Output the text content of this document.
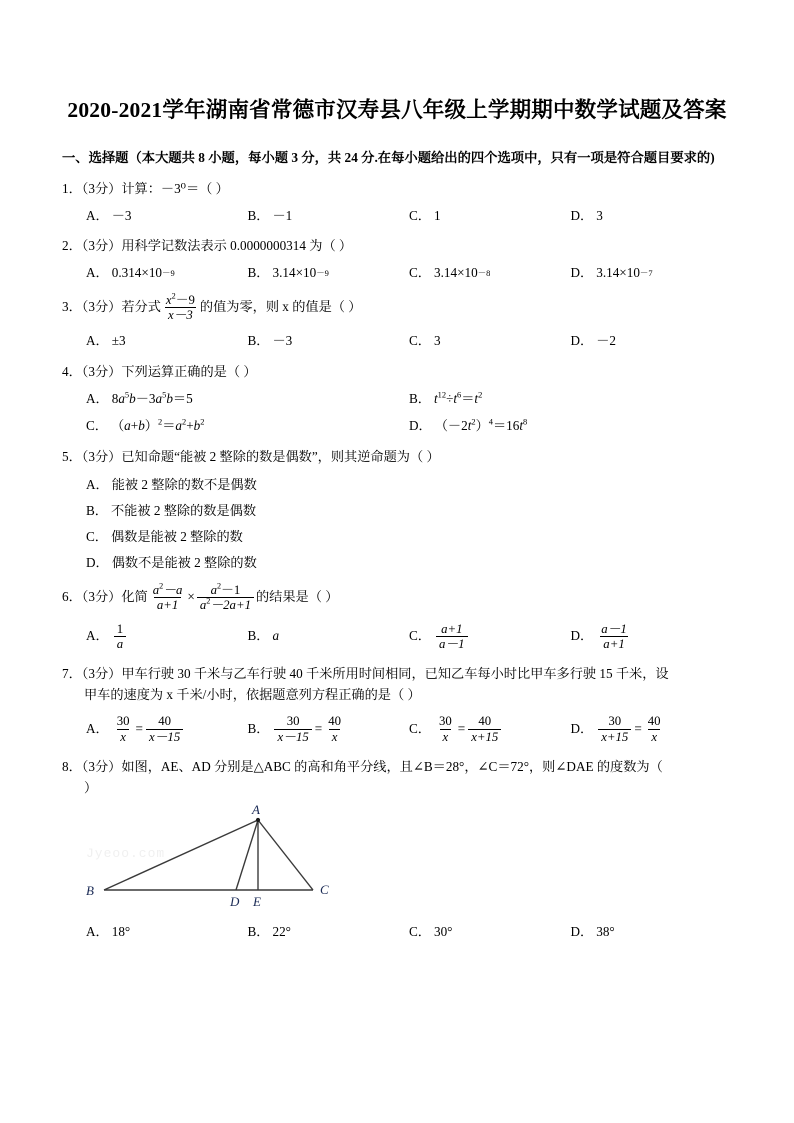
2020-2021学年湖南省常德市汉寿县八年级上学期期中数学试题及答案
一、选择题（本大题共 8 小题，每小题 3 分，共 24 分.在每小题给出的四个选项中，只有一项是符合题目要求的)
1．（3分）计算：－3⁰＝（ ）
A． －3	B． －1	C． 1	D． 3
2．（3分）用科学记数法表示 0.0000000314 为（ ）
A． 0.314×10 －9	B． 3.14×10 －9	C． 3.14×10 －8	D． 3.14×10 －7
3．（3分）若分式 $\frac{x^2-9}{x-3}$ 的值为零，则 x 的值是（ ）
A． ±3	B． －3	C． 3	D． －2
4．（3分）下列运算正确的是（ ）
A． $8a^5b-3a^5b=5$	B． $t^{12}\div t^6=t^2$
C． $(a+b)^2=a^2+b^2$	D． $(-2t^2)^4=16t^8$
5．（3分）已知命题“能被 2 整除的数是偶数”，则其逆命题为（ ）
A． 能被 2 整除的数不是偶数
B． 不能被 2 整除的数是偶数
C． 偶数是能被 2 整除的数
D． 偶数不是能被 2 整除的数
6．（3分）化简 $\frac{a^2-a}{a+1} \times \frac{a^2-1}{a^2-2a+1}$ 的结果是（ ）
A． $\frac{1}{a}$	B． a	C． $\frac{a+1}{a-1}$	D． $\frac{a-1}{a+1}$
7．（3分）甲车行驶 30 千米与乙车行驶 40 千米所用时间相同，已知乙车每小时比甲车多行驶 15 千米，设
甲车的速度为 x 千米/小时，依据题意列方程正确的是（ ）
A． $\frac{30}{x} = \frac{40}{x-15}$	B． $\frac{30}{x-15} = \frac{40}{x}$	C． $\frac{30}{x} = \frac{40}{x+15}$	D． $\frac{30}{x+15} = \frac{40}{x}$
8．（3分）如图，AE、AD 分别是△ABC 的高和角平分线，且∠B＝28°，∠C＝72°，则∠DAE 的度数为（
）
Jyeoo.com
A
B	C
D E
A． 18°	B． 22°	C． 30°	D． 38°
